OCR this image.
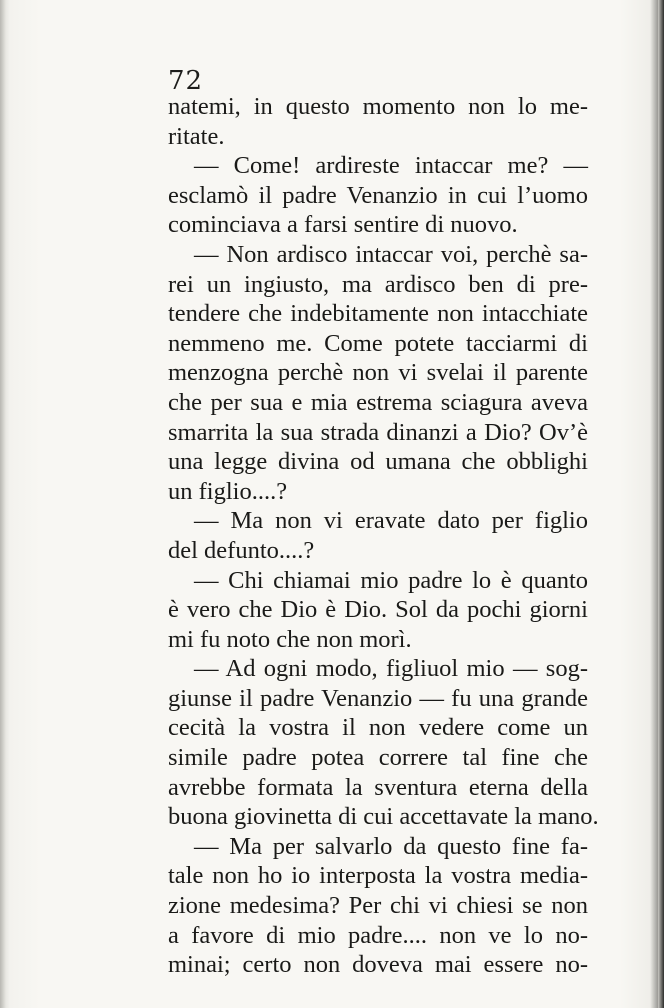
72
natemi, in questo momento non lo me-
ritate.
— Come! ardireste intaccar me? —
esclamò il padre Venanzio in cui l’uomo
cominciava a farsi sentire di nuovo.
— Non ardisco intaccar voi, perchè sa-
rei un ingiusto, ma ardisco ben di pre-
tendere che indebitamente non intacchiate
nemmeno me. Come potete tacciarmi di
menzogna perchè non vi svelai il parente
che per sua e mia estrema sciagura aveva
smarrita la sua strada dinanzi a Dio? Ov’è
una legge divina od umana che obblighi
un figlio....?
— Ma non vi eravate dato per figlio
del defunto....?
— Chi chiamai mio padre lo è quanto
è vero che Dio è Dio. Sol da pochi giorni
mi fu noto che non morì.
— Ad ogni modo, figliuol mio — sog-
giunse il padre Venanzio — fu una grande
cecità la vostra il non vedere come un
simile padre potea correre tal fine che
avrebbe formata la sventura eterna della
buona giovinetta di cui accettavate la mano.
— Ma per salvarlo da questo fine fa-
tale non ho io interposta la vostra media-
zione medesima? Per chi vi chiesi se non
a favore di mio padre.... non ve lo no-
minai; certo non doveva mai essere no-
